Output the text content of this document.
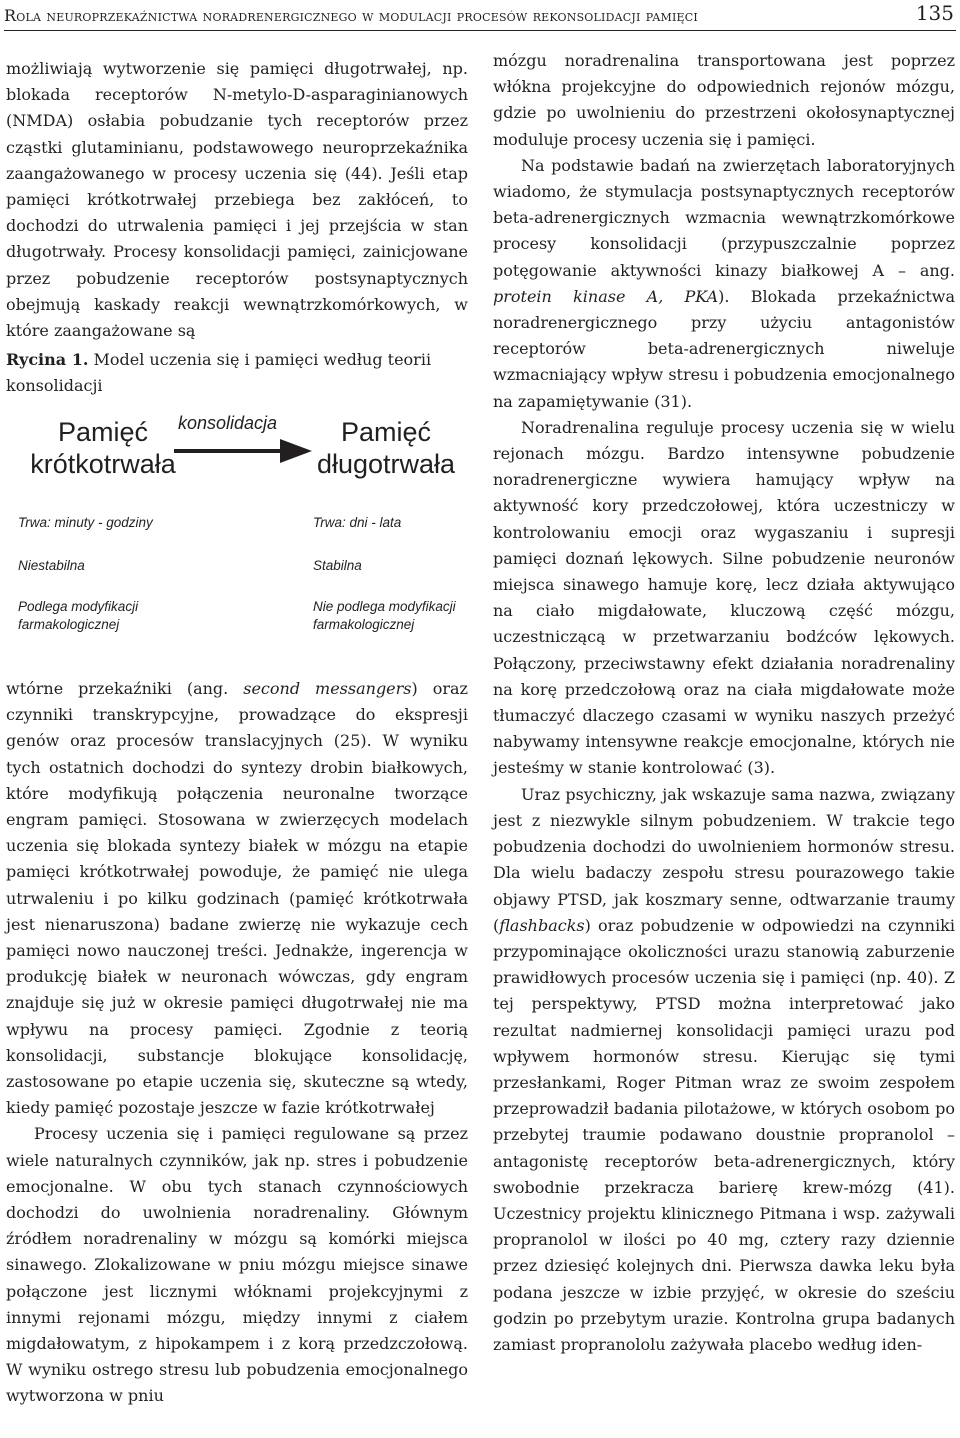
Rola neuroprzekaźnictwa noradrenergicznego w modulacji procesów rekonsolidacji pamięci	135

możliwiają wytworzenie się pamięci długotrwałej, np. blokada receptorów N-metylo-D-asparaginianowych (NMDA) osłabia pobudzanie tych receptorów przez cząstki glutaminianu, podstawowego neuroprzekaźnika zaangażowanego w procesy uczenia się (44). Jeśli etap pamięci krótkotrwałej przebiega bez zakłóceń, to dochodzi do utrwalenia pamięci i jej przejścia w stan długotrwały. Procesy konsolidacji pamięci, zainicjowane przez pobudzenie receptorów postsynaptycznych obejmują kaskady reakcji wewnątrzkomórkowych, w które zaangażowane są

Rycina 1. Model uczenia się i pamięci według teorii konsolidacji
Pamięć krótkotrwała
konsolidacja	Pamięć długotrwała
Trwa: minuty - godziny
Niestabilna
Podlega modyfikacji farmakologicznej
Trwa: dni - lata
Stabilna
Nie podlega modyfikacji farmakologicznej

wtórne przekaźniki (ang. second messangers) oraz czynniki transkrypcyjne, prowadzące do ekspresji genów oraz procesów translacyjnych (25). W wyniku tych ostatnich dochodzi do syntezy drobin białkowych, które modyfikują połączenia neuronalne tworzące engram pamięci. Stosowana w zwierzęcych modelach uczenia się blokada syntezy białek w mózgu na etapie pamięci krótkotrwałej powoduje, że pamięć nie ulega utrwaleniu i po kilku godzinach (pamięć krótkotrwała jest nienaruszona) badane zwierzę nie wykazuje cech pamięci nowo nauczonej treści. Jednakże, ingerencja w produkcję białek w neuronach wówczas, gdy engram znajduje się już w okresie pamięci długotrwałej nie ma wpływu na procesy pamięci. Zgodnie z teorią konsolidacji, substancje blokujące konsolidację, zastosowane po etapie uczenia się, skuteczne są wtedy, kiedy pamięć pozostaje jeszcze w fazie krótkotrwałej

Procesy uczenia się i pamięci regulowane są przez wiele naturalnych czynników, jak np. stres i pobudzenie emocjonalne. W obu tych stanach czynnościowych dochodzi do uwolnienia noradrenaliny. Głównym źródłem noradrenaliny w mózgu są komórki miejsca sinawego. Zlokalizowane w pniu mózgu miejsce sinawe połączone jest licznymi włóknami projekcyjnymi z innymi rejonami mózgu, między innymi z ciałem migdałowatym, z hipokampem i z korą przedzczołową. W wyniku ostrego stresu lub pobudzenia emocjonalnego wytworzona w pniu

mózgu noradrenalina transportowana jest poprzez włókna projekcyjne do odpowiednich rejonów mózgu, gdzie po uwolnieniu do przestrzeni okołosynaptycznej moduluje procesy uczenia się i pamięci.

Na podstawie badań na zwierzętach laboratoryjnych wiadomo, że stymulacja postsynaptycznych receptorów beta-adrenergicznych wzmacnia wewnątrzkomórkowe procesy konsolidacji (przypuszczalnie poprzez potęgowanie aktywności kinazy białkowej A – ang. protein kinase A, PKA). Blokada przekaźnictwa noradrenergicznego przy użyciu antagonistów receptorów beta-adrenergicznych niweluje wzmacniający wpływ stresu i pobudzenia emocjonalnego na zapamiętywanie (31).

Noradrenalina reguluje procesy uczenia się w wielu rejonach mózgu. Bardzo intensywne pobudzenie noradrenergiczne wywiera hamujący wpływ na aktywność kory przedczołowej, która uczestniczy w kontrolowaniu emocji oraz wygaszaniu i supresji pamięci doznań lękowych. Silne pobudzenie neuronów miejsca sinawego hamuje korę, lecz działa aktywująco na ciało migdałowate, kluczową część mózgu, uczestniczącą w przetwarzaniu bodźców lękowych. Połączony, przeciwstawny efekt działania noradrenaliny na korę przedczołową oraz na ciała migdałowate może tłumaczyć dlaczego czasami w wyniku naszych przeżyć nabywamy intensywne reakcje emocjonalne, których nie jesteśmy w stanie kontrolować (3).

Uraz psychiczny, jak wskazuje sama nazwa, związany jest z niezwykle silnym pobudzeniem. W trakcie tego pobudzenia dochodzi do uwolnieniem hormonów stresu. Dla wielu badaczy zespołu stresu pourazowego takie objawy PTSD, jak koszmary senne, odtwarzanie traumy (flashbacks) oraz pobudzenie w odpowiedzi na czynniki przypominające okoliczności urazu stanowią zaburzenie prawidłowych procesów uczenia się i pamięci (np. 40). Z tej perspektywy, PTSD można interpretować jako rezultat nadmiernej konsolidacji pamięci urazu pod wpływem hormonów stresu. Kierując się tymi przesłankami, Roger Pitman wraz ze swoim zespołem przeprowadził badania pilotażowe, w których osobom po przebytej traumie podawano doustnie propranolol – antagonistę receptorów beta-adrenergicznych, który swobodnie przekracza barierę krew-mózg (41). Uczestnicy projektu klinicznego Pitmana i wsp. zażywali propranolol w ilości po 40 mg, cztery razy dziennie przez dziesięć kolejnych dni. Pierwsza dawka leku była podana jeszcze w izbie przyjęć, w okresie do sześciu godzin po przebytym urazie. Kontrolna grupa badanych zamiast propranololu zażywała placebo według iden-
